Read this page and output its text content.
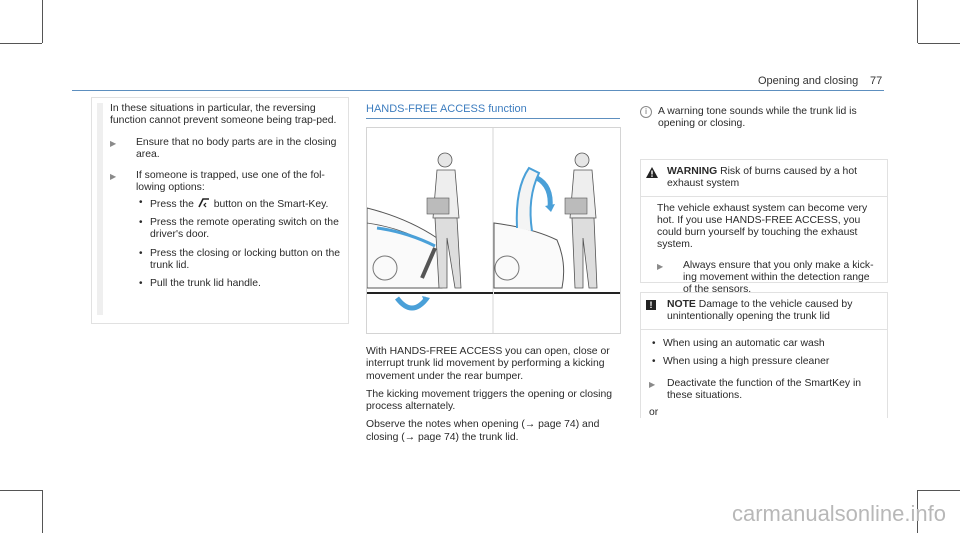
Opening and closing 77

In these situations in particular, the reversing function cannot prevent someone being trap-ped.

▶ Ensure that no body parts are in the closing area.
▶ If someone is trapped, use one of the fol-lowing options:
• Press the button on the Smart-Key.
• Press the remote operating switch on the driver's door.
• Press the closing or locking button on the trunk lid.
• Pull the trunk lid handle.
HANDS-FREE ACCESS function

With HANDS-FREE ACCESS you can open, close or interrupt trunk lid movement by performing a kicking movement under the rear bumper.

The kicking movement triggers the opening or closing process alternately.

Observe the notes when opening (→ page 74) and closing (→ page 74) the trunk lid.

i	A warning tone sounds while the trunk lid is opening or closing.

WARNING Risk of burns caused by a hot exhaust system

The vehicle exhaust system can become very hot. If you use HANDS-FREE ACCESS, you could burn yourself by touching the exhaust system.

▶ Always ensure that you only make a kick-ing movement within the detection range of the sensors.
!	NOTE Damage to the vehicle caused by unintentionally opening the trunk lid
• When using an automatic car wash
• When using a high pressure cleaner
▶ Deactivate the function of the SmartKey in these situations.

or

carmanualsonline.info
